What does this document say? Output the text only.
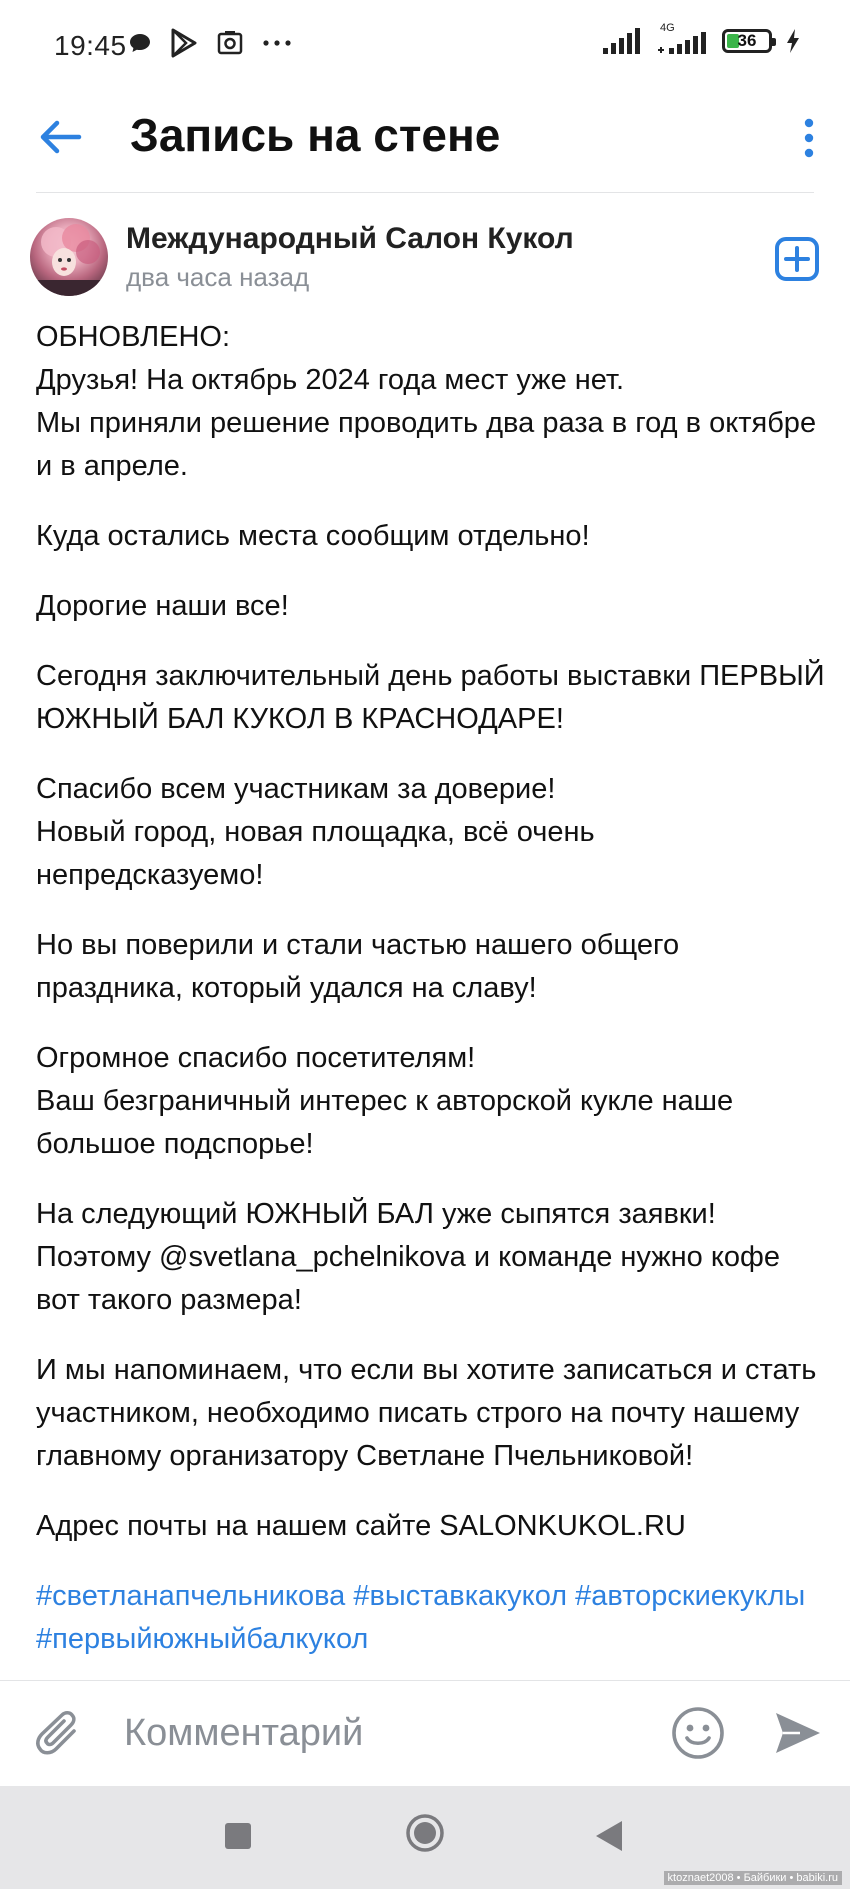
19:45
4G
36
Запись на стене
Международный Салон Кукол
два часа назад

ОБНОВЛЕНО:
Друзья! На октябрь 2024 года мест уже нет.
Мы приняли решение проводить два раза в год в октябре и в апреле.

Куда остались места сообщим отдельно!

Дорогие наши все!

Сегодня заключительный день работы выставки ПЕРВЫЙ ЮЖНЫЙ БАЛ КУКОЛ В КРАСНОДАРЕ!

Спасибо всем участникам за доверие!
Новый город, новая площадка, всё очень непредсказуемо!

Но вы поверили и стали частью нашего общего праздника, который удался на славу!

Огромное спасибо посетителям!
Ваш безграничный интерес к авторской кукле наше большое подспорье!

На следующий ЮЖНЫЙ БАЛ уже сыпятся заявки!
Поэтому @svetlana_pchelnikova и команде нужно кофе вот такого размера!

И мы напоминаем, что если вы хотите записаться и стать участником, необходимо писать строго на почту нашему главному организатору Светлане Пчельниковой!

Адрес почты на нашем сайте SALONKUKOL.RU

#светланапчельникова #выставкакукол #авторскиекуклы #первыйюжныйбалкукол

Комментарий
ktoznaet2008 • Байбики • babiki.ru
